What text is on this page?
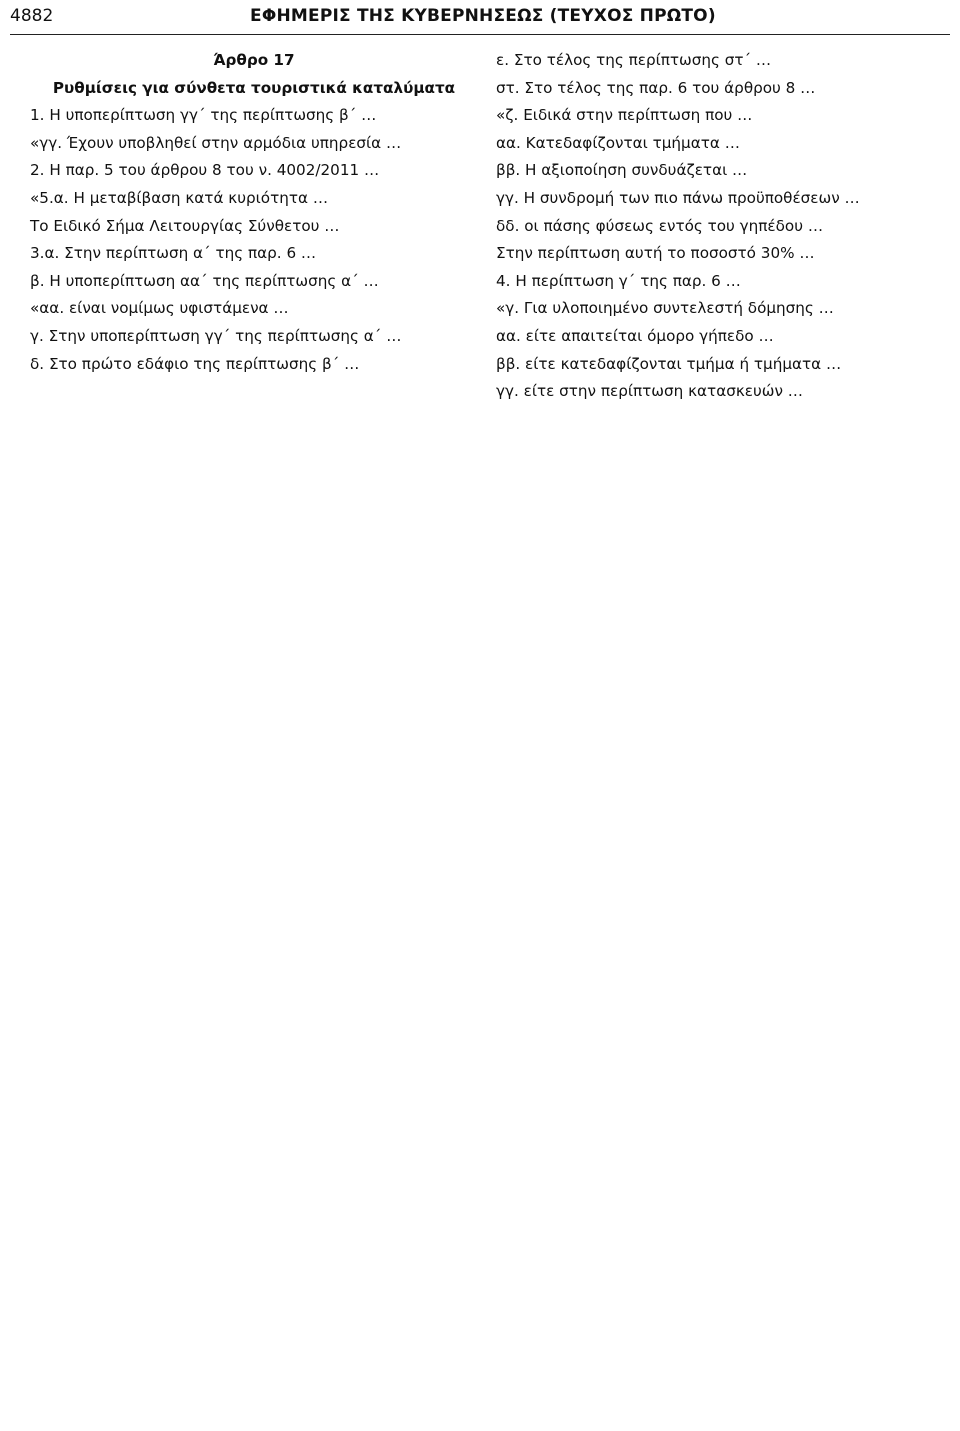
4882	ΕΦΗΜΕΡΙΣ ΤΗΣ ΚΥΒΕΡΝΗΣΕΩΣ (ΤΕΥΧΟΣ ΠΡΩΤΟ)

Άρθρο 17

Ρυθμίσεις για σύνθετα τουριστικά καταλύματα

1. Η υποπερίπτωση γγ΄ της περίπτωσης β΄ …

«γγ. Έχουν υποβληθεί στην αρμόδια υπηρεσία …

2. Η παρ. 5 του άρθρου 8 του ν. 4002/2011 …

«5.α. Η μεταβίβαση κατά κυριότητα …

Το Ειδικό Σήμα Λειτουργίας Σύνθετου …

3.α. Στην περίπτωση α΄ της παρ. 6 …

β. Η υποπερίπτωση αα΄ της περίπτωσης α΄ …

«αα. είναι νομίμως υφιστάμενα …

γ. Στην υποπερίπτωση γγ΄ της περίπτωσης α΄ …

δ. Στο πρώτο εδάφιο της περίπτωσης β΄ …

ε. Στο τέλος της περίπτωσης στ΄ …

στ. Στο τέλος της παρ. 6 του άρθρου 8 …

«ζ. Ειδικά στην περίπτωση που …

αα. Κατεδαφίζονται τμήματα …

ββ. Η αξιοποίηση συνδυάζεται …

γγ. Η συνδρομή των πιο πάνω προϋποθέσεων …

δδ. οι πάσης φύσεως εντός του γηπέδου …

Στην περίπτωση αυτή το ποσοστό 30% …

4. Η περίπτωση γ΄ της παρ. 6 …

«γ. Για υλοποιημένο συντελεστή δόμησης …

αα. είτε απαιτείται όμορο γήπεδο …

ββ. είτε κατεδαφίζονται τμήμα ή τμήματα …

γγ. είτε στην περίπτωση κατασκευών …
